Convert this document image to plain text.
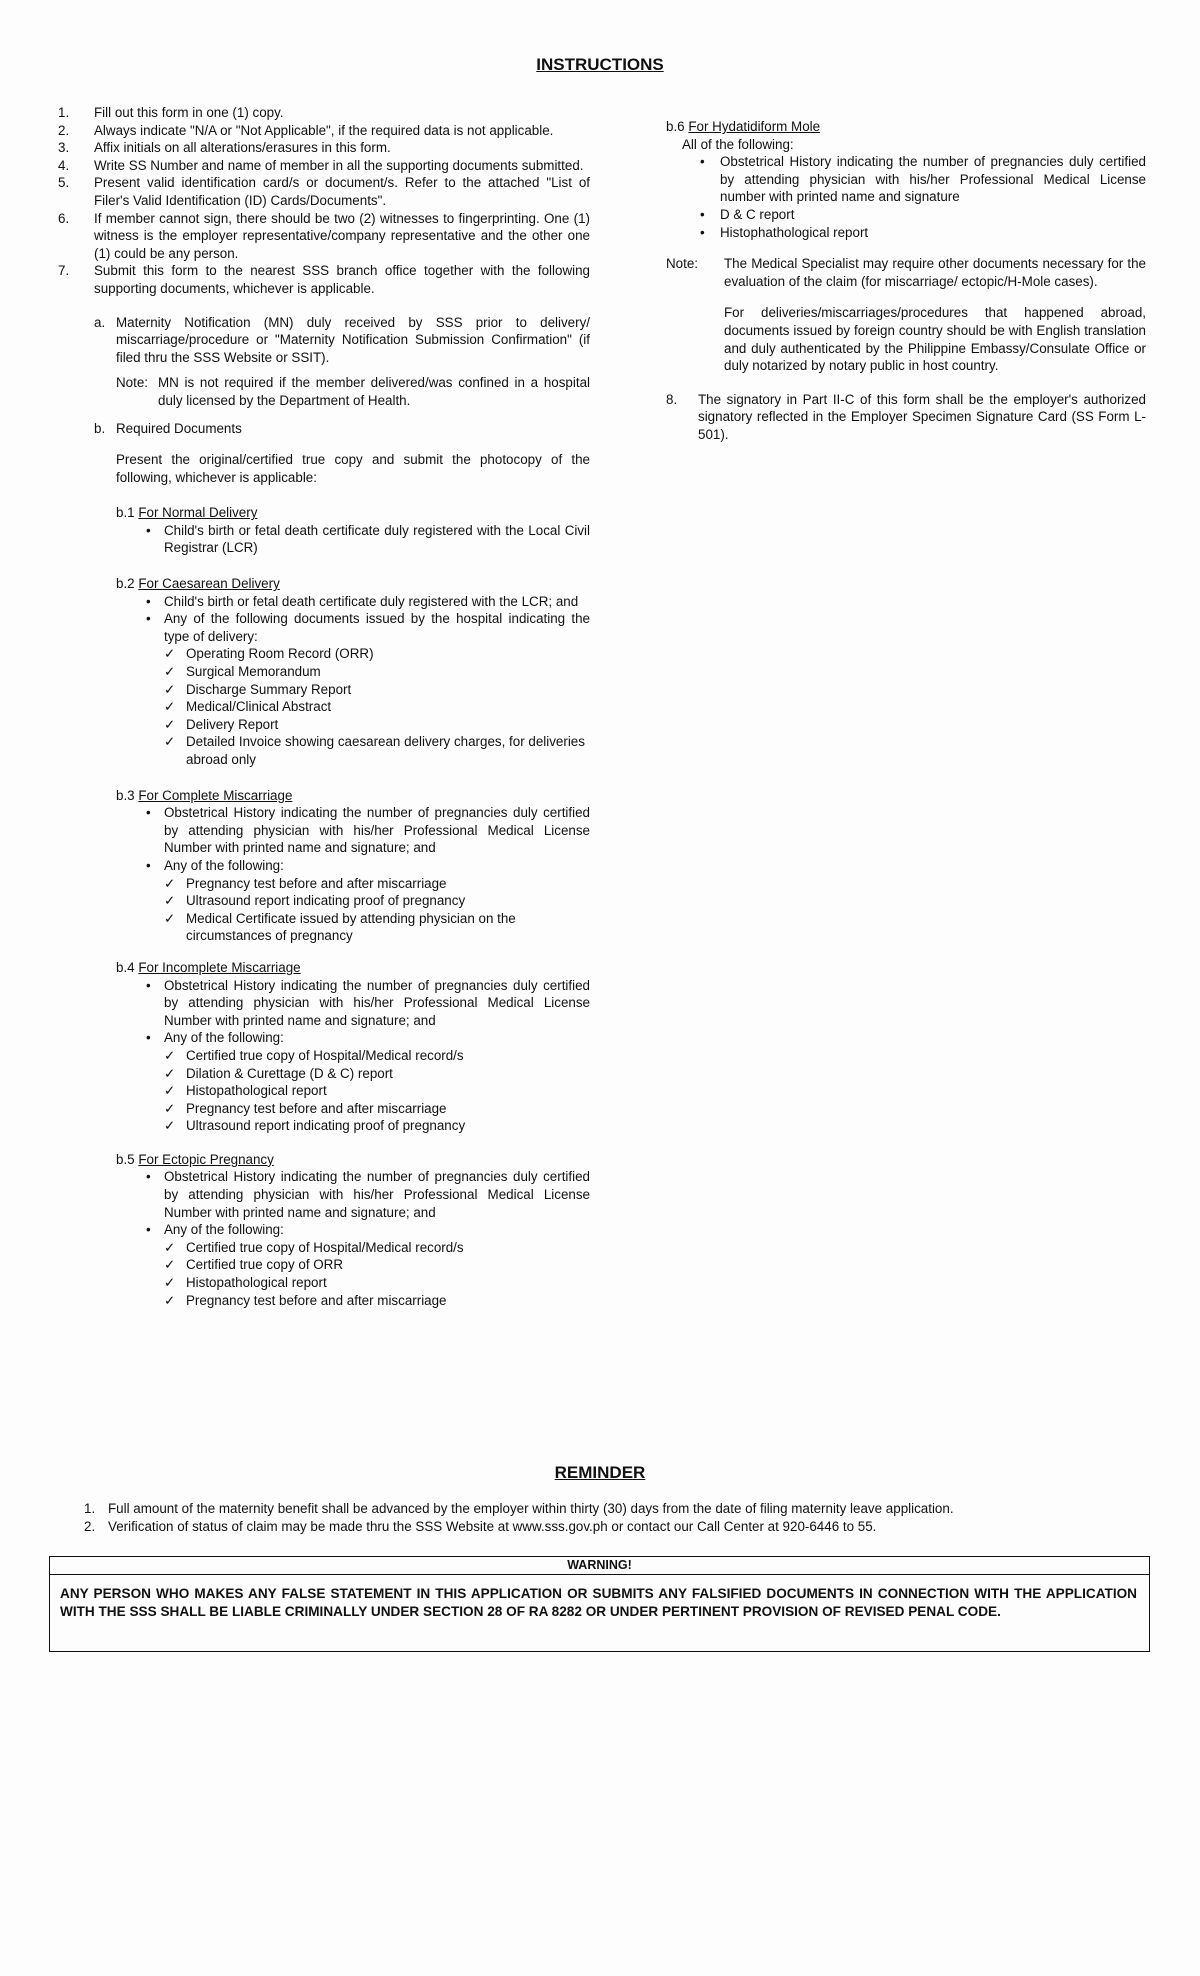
INSTRUCTIONS
1.	Fill out this form in one (1) copy.
2.	Always indicate "N/A or "Not Applicable", if the required data is not applicable.
3.	Affix initials on all alterations/erasures in this form.
4.	Write SS Number and name of member in all the supporting documents submitted.
5.	Present valid identification card/s or document/s. Refer to the attached "List of Filer's Valid Identification (ID) Cards/Documents".
6.	If member cannot sign, there should be two (2) witnesses to fingerprinting. One (1) witness is the employer representative/company representative and the other one (1) could be any person.
7.	Submit this form to the nearest SSS branch office together with the following supporting documents, whichever is applicable.
a. Maternity Notification (MN) duly received by SSS prior to delivery/ miscarriage/procedure or "Maternity Notification Submission Confirmation" (if filed thru the SSS Website or SSIT).
Note: MN is not required if the member delivered/was confined in a hospital duly licensed by the Department of Health.
b. Required Documents
Present the original/certified true copy and submit the photocopy of the following, whichever is applicable:
b.1 For Normal Delivery
• Child's birth or fetal death certificate duly registered with the Local Civil Registrar (LCR)
b.2 For Caesarean Delivery
• Child's birth or fetal death certificate duly registered with the LCR; and
• Any of the following documents issued by the hospital indicating the type of delivery:
✓ Operating Room Record (ORR)
✓ Surgical Memorandum
✓ Discharge Summary Report
✓ Medical/Clinical Abstract
✓ Delivery Report
✓ Detailed Invoice showing caesarean delivery charges, for deliveries abroad only
b.3 For Complete Miscarriage
• Obstetrical History indicating the number of pregnancies duly certified by attending physician with his/her Professional Medical License Number with printed name and signature; and
• Any of the following:
✓ Pregnancy test before and after miscarriage
✓ Ultrasound report indicating proof of pregnancy
✓ Medical Certificate issued by attending physician on the circumstances of pregnancy
b.4 For Incomplete Miscarriage
• Obstetrical History indicating the number of pregnancies duly certified by attending physician with his/her Professional Medical License Number with printed name and signature; and
• Any of the following:
✓ Certified true copy of Hospital/Medical record/s
✓ Dilation & Curettage (D & C) report
✓ Histopathological report
✓ Pregnancy test before and after miscarriage
✓ Ultrasound report indicating proof of pregnancy
b.5 For Ectopic Pregnancy
• Obstetrical History indicating the number of pregnancies duly certified by attending physician with his/her Professional Medical License Number with printed name and signature; and
• Any of the following:
✓ Certified true copy of Hospital/Medical record/s
✓ Certified true copy of ORR
✓ Histopathological report
✓ Pregnancy test before and after miscarriage
b.6 For Hydatidiform Mole
All of the following:
•	Obstetrical History indicating the number of pregnancies duly certified by attending physician with his/her Professional Medical License number with printed name and signature
•	D & C report
•	Histophathological report
Note:	The Medical Specialist may require other documents necessary for the evaluation of the claim (for miscarriage/ ectopic/H-Mole cases).
For deliveries/miscarriages/procedures that happened abroad, documents issued by foreign country should be with English translation and duly authenticated by the Philippine Embassy/Consulate Office or duly notarized by notary public in host country.
8.	The signatory in Part II-C of this form shall be the employer's authorized signatory reflected in the Employer Specimen Signature Card (SS Form L-501).
REMINDER
1. Full amount of the maternity benefit shall be advanced by the employer within thirty (30) days from the date of filing maternity leave application.
2. Verification of status of claim may be made thru the SSS Website at www.sss.gov.ph or contact our Call Center at 920-6446 to 55.
WARNING!
ANY PERSON WHO MAKES ANY FALSE STATEMENT IN THIS APPLICATION OR SUBMITS ANY FALSIFIED DOCUMENTS IN CONNECTION WITH THE APPLICATION WITH THE SSS SHALL BE LIABLE CRIMINALLY UNDER SECTION 28 OF RA 8282 OR UNDER PERTINENT PROVISION OF REVISED PENAL CODE.
